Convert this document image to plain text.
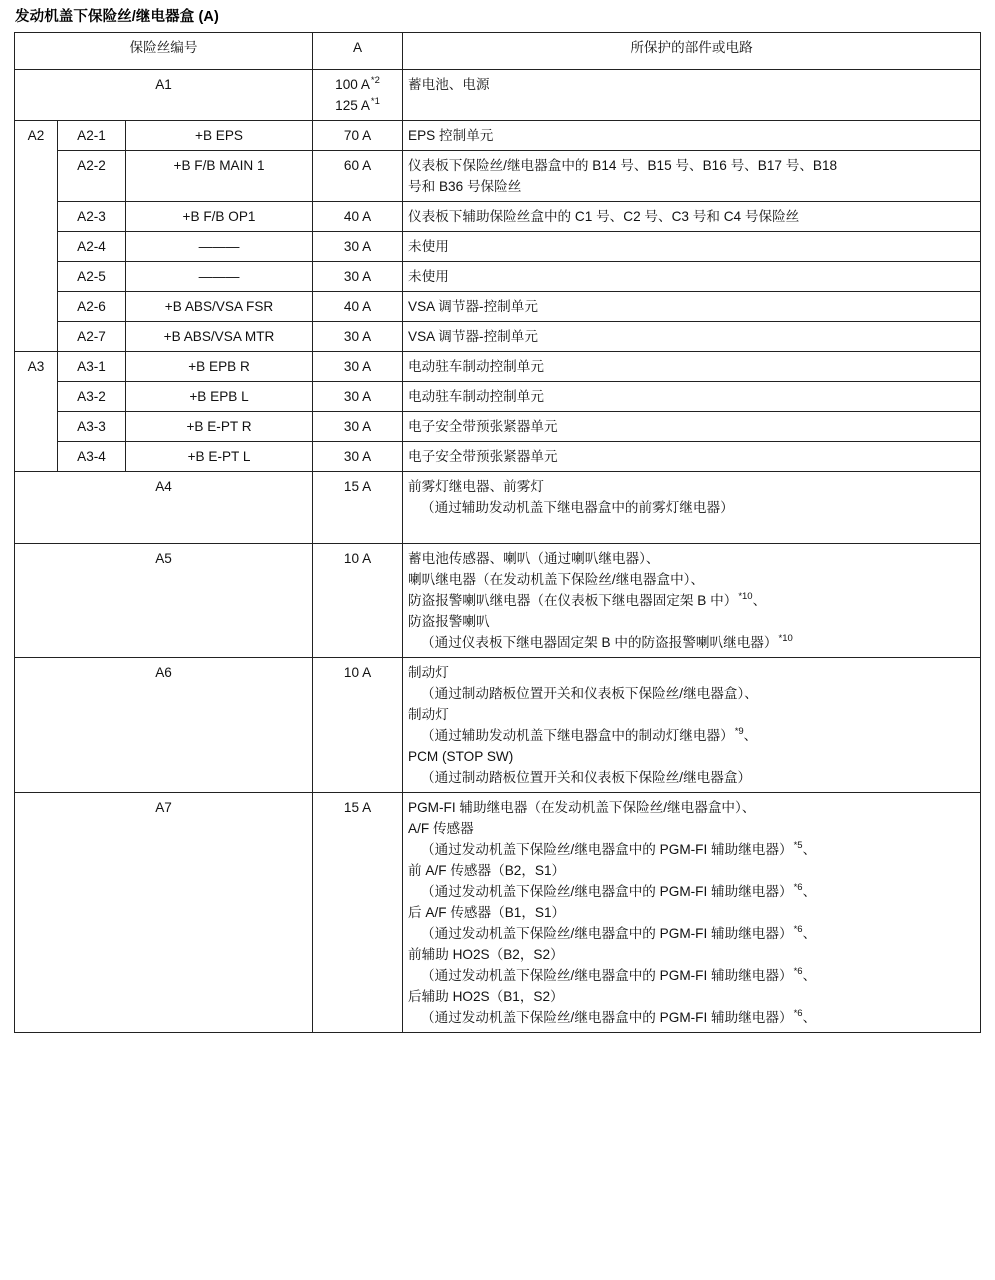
发动机盖下保险丝/继电器盒 (A)
保险丝编号			A	所保护的部件或电路
A1			100 $A^{*2}$
125 $A^{*1}$	蓄电池、电源

A2	A2-1	+B EPS	70 A	EPS 控制单元

	A2-2	+B F/B MAIN 1	60 A	仪表板下保险丝/继电器盒中的 B14 号、B15 号、B16 号、B17 号、B18
号和 B36 号保险丝

	A2-3	+B F/B OP1	40 A	仪表板下辅助保险丝盒中的 C1 号、C2 号、C3 号和 C4 号保险丝

	A2-4	———	30 A	未使用

	A2-5	———	30 A	未使用

	A2-6	+B ABS/VSA FSR	40 A	VSA 调节器-控制单元

	A2-7	+B ABS/VSA MTR	30 A	VSA 调节器-控制单元

A3	A3-1	+B EPB R	30 A	电动驻车制动控制单元

	A3-2	+B EPB L	30 A	电动驻车制动控制单元

	A3-3	+B E-PT R	30 A	电子安全带预张紧器单元

	A3-4	+B E-PT L	30 A	电子安全带预张紧器单元

A4			15 A	前雾灯继电器、前雾灯
（通过辅助发动机盖下继电器盒中的前雾灯继电器）

A5			10 A	蓄电池传感器、喇叭（通过喇叭继电器）、
喇叭继电器（在发动机盖下保险丝/继电器盒中）、
防盗报警喇叭继电器（在仪表板下继电器固定架 B 中）$^{*10}$、
防盗报警喇叭
（通过仪表板下继电器固定架 B 中的防盗报警喇叭继电器）$^{*10}$

A6	10 A	制动灯
（通过制动踏板位置开关和仪表板下保险丝/继电器盒）、
制动灯
（通过辅助发动机盖下继电器盒中的制动灯继电器）$^{*9}$、
PCM (STOP SW)
（通过制动踏板位置开关和仪表板下保险丝/继电器盒）

A7	15 A	PGM-FI 辅助继电器（在发动机盖下保险丝/继电器盒中）、
A/F 传感器
（通过发动机盖下保险丝/继电器盒中的 PGM-FI 辅助继电器）$^{*5}$、
前 A/F 传感器（B2，S1）
（通过发动机盖下保险丝/继电器盒中的 PGM-FI 辅助继电器）$^{*6}$、
后 A/F 传感器（B1，S1）
（通过发动机盖下保险丝/继电器盒中的 PGM-FI 辅助继电器）$^{*6}$、
前辅助 HO2S（B2，S2）
（通过发动机盖下保险丝/继电器盒中的 PGM-FI 辅助继电器）$^{*6}$、
后辅助 HO2S（B1，S2）
（通过发动机盖下保险丝/继电器盒中的 PGM-FI 辅助继电器）$^{*6}$、
